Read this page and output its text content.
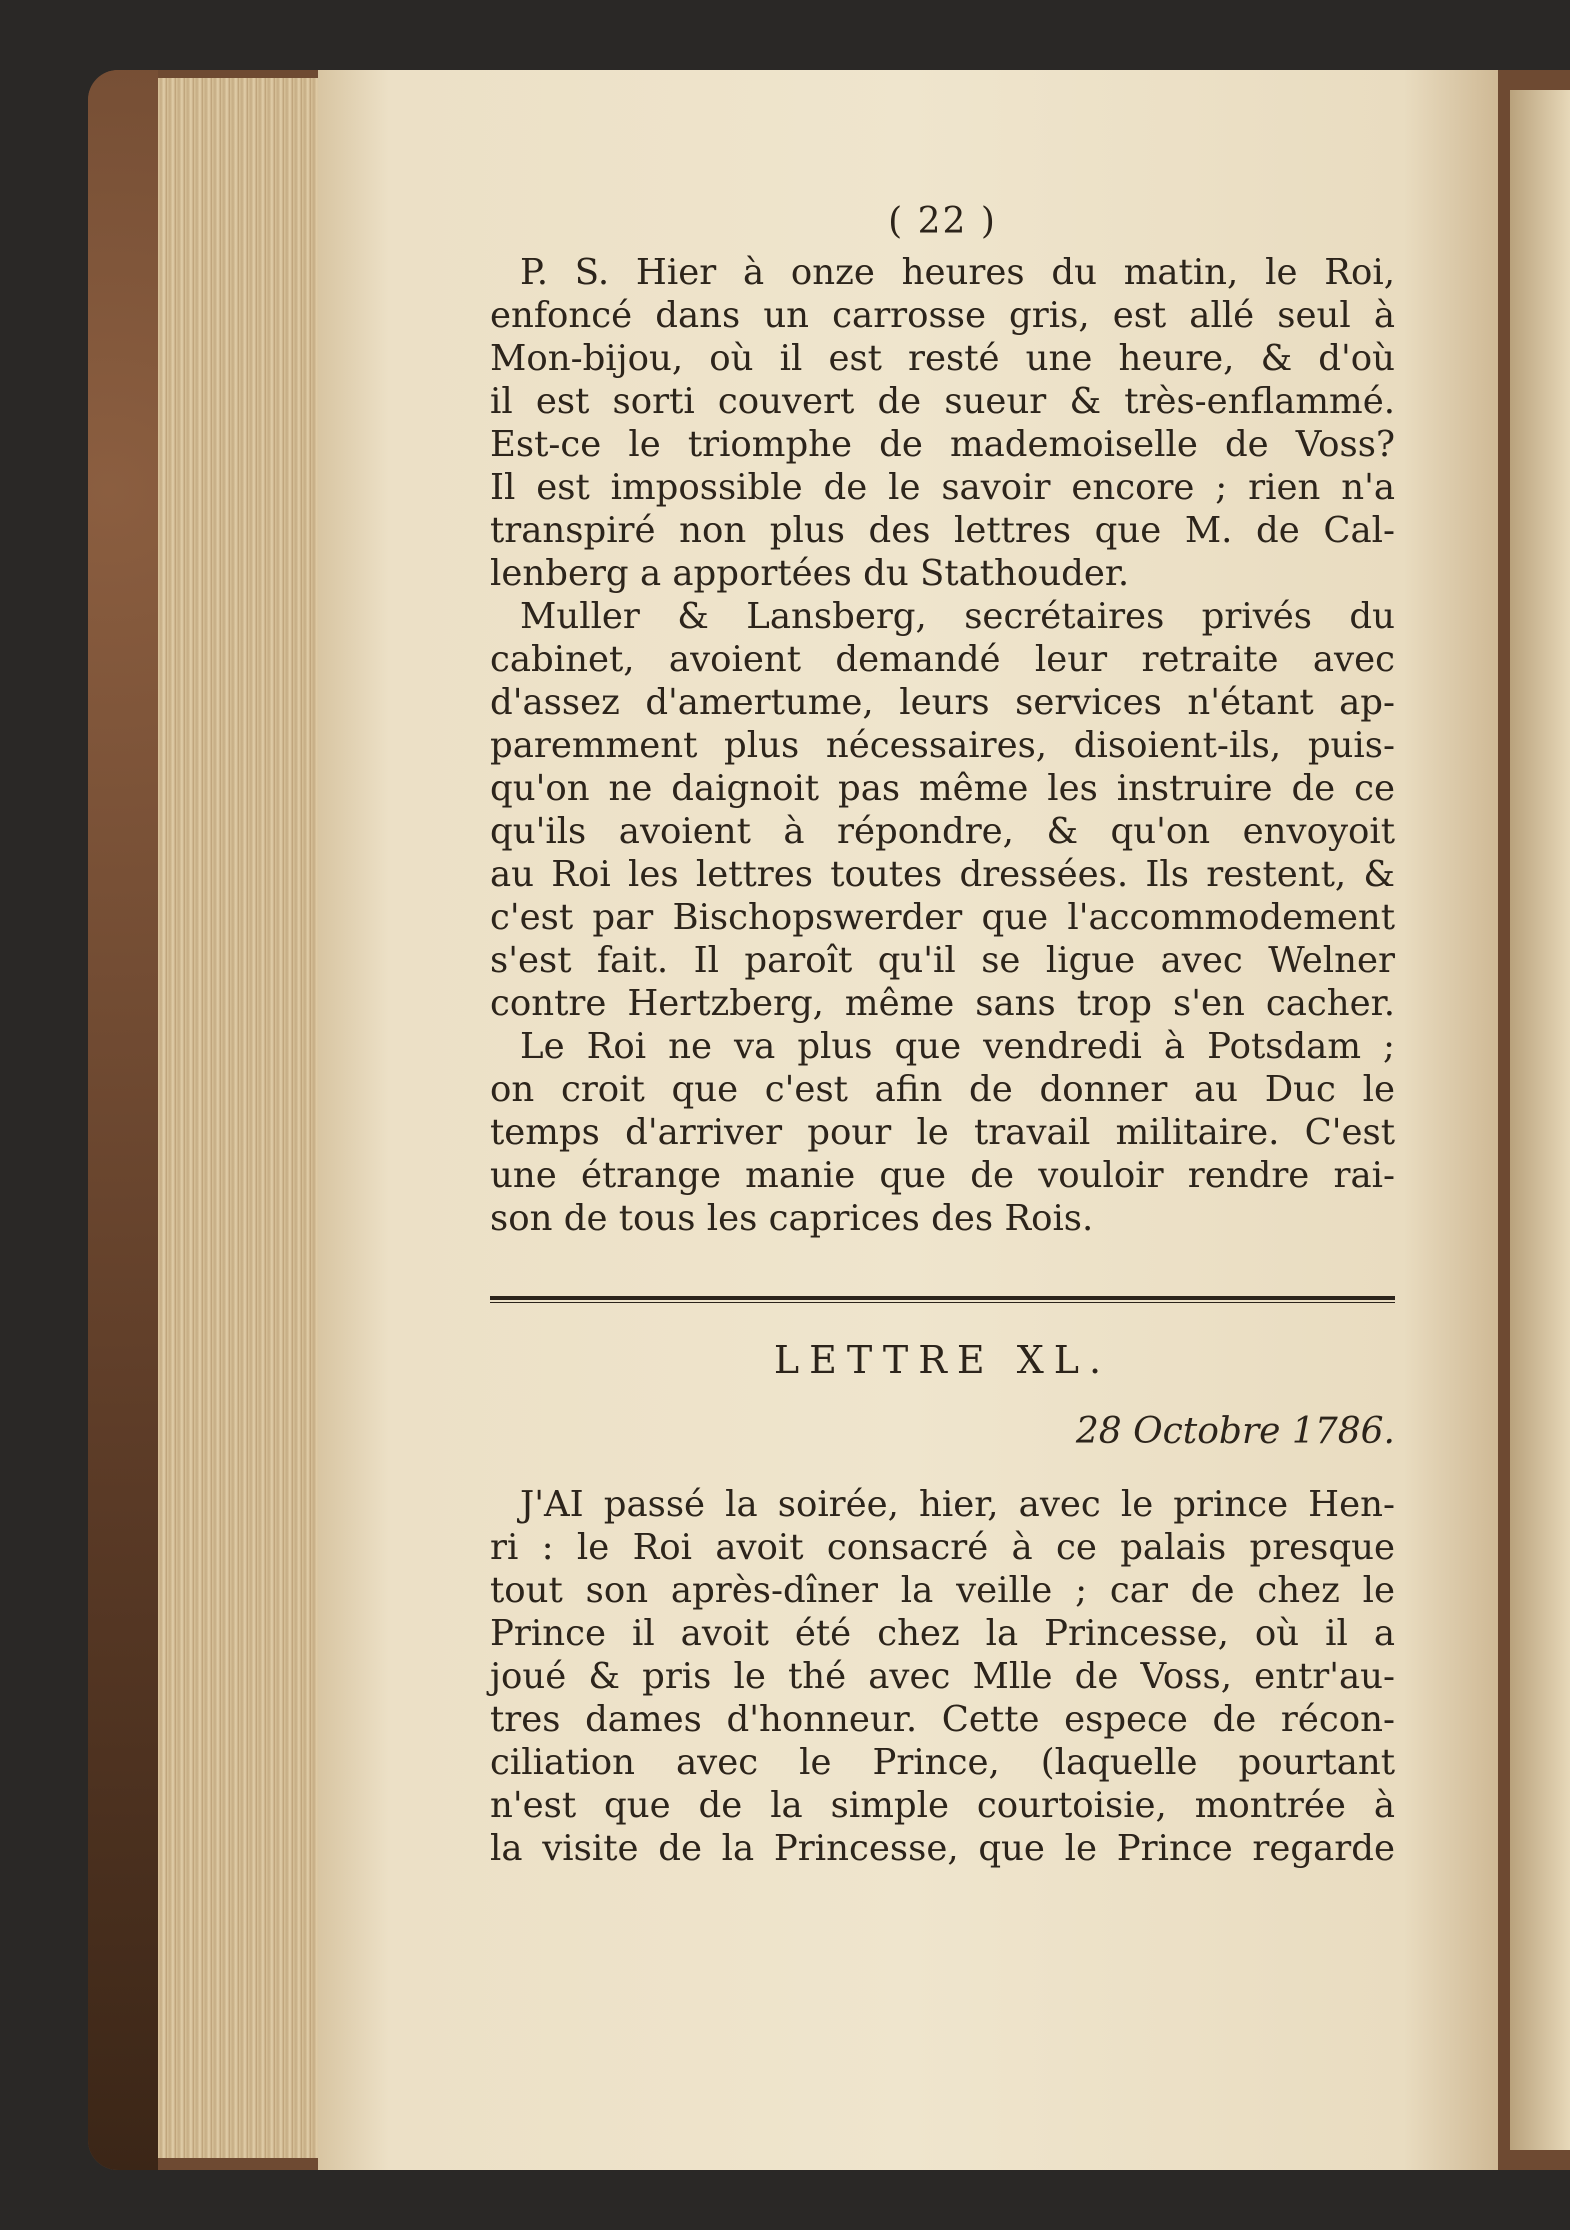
( 22 )
P. S. Hier à onze heures du matin, le Roi,
enfoncé dans un carrosse gris, est allé seul à
Mon-bijou, où il est resté une heure, & d'où
il est sorti couvert de sueur & très-enflammé.
Est-ce le triomphe de mademoiselle de Voss?
Il est impossible de le savoir encore ; rien n'a
transpiré non plus des lettres que M. de Cal-
lenberg a apportées du Stathouder.
Muller & Lansberg, secrétaires privés du
cabinet, avoient demandé leur retraite avec
d'assez d'amertume, leurs services n'étant ap-
paremment plus nécessaires, disoient-ils, puis-
qu'on ne daignoit pas même les instruire de ce
qu'ils avoient à répondre, & qu'on envoyoit
au Roi les lettres toutes dressées. Ils restent, &
c'est par Bischopswerder que l'accommodement
s'est fait. Il paroît qu'il se ligue avec Welner
contre Hertzberg, même sans trop s'en cacher.
Le Roi ne va plus que vendredi à Potsdam ;
on croit que c'est afin de donner au Duc le
temps d'arriver pour le travail militaire. C'est
une étrange manie que de vouloir rendre rai-
son de tous les caprices des Rois.
LETTRE XL.
28 Octobre 1786.
J'AI passé la soirée, hier, avec le prince Hen-
ri : le Roi avoit consacré à ce palais presque
tout son après-dîner la veille ; car de chez le
Prince il avoit été chez la Princesse, où il a
joué & pris le thé avec Mlle de Voss, entr'au-
tres dames d'honneur. Cette espece de récon-
ciliation avec le Prince, (laquelle pourtant
n'est que de la simple courtoisie, montrée à
la visite de la Princesse, que le Prince regarde
